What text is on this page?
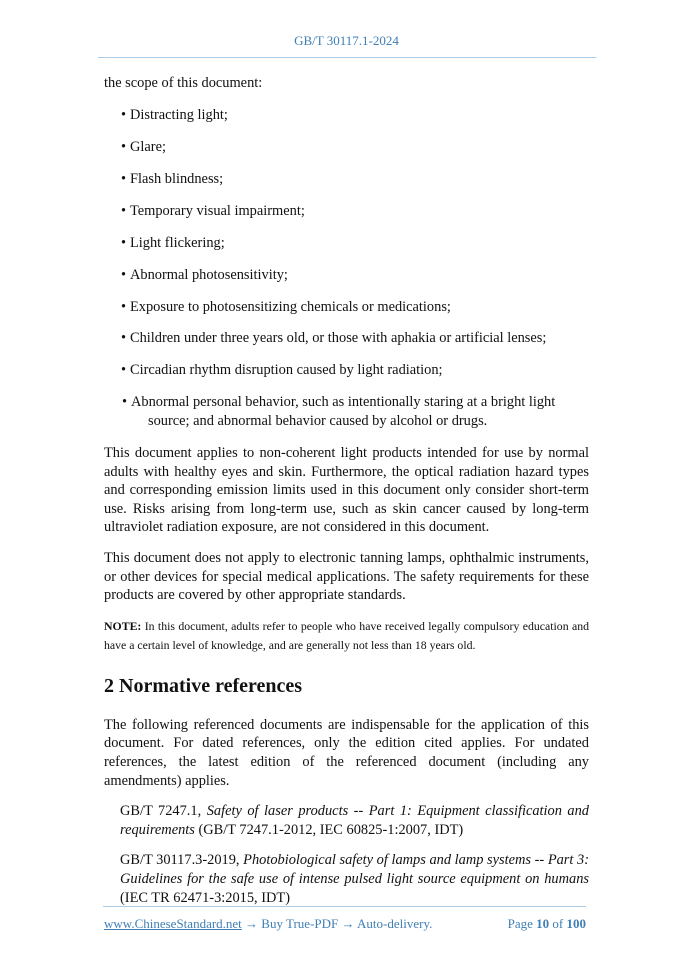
GB/T 30117.1-2024

the scope of this document:

• Distracting light;
• Glare;
• Flash blindness;
• Temporary visual impairment;
• Light flickering;
• Abnormal photosensitivity;
• Exposure to photosensitizing chemicals or medications;
• Children under three years old, or those with aphakia or artificial lenses;
• Circadian rhythm disruption caused by light radiation;
• Abnormal personal behavior, such as intentionally staring at a bright light source; and abnormal behavior caused by alcohol or drugs.

This document applies to non-coherent light products intended for use by normal adults with healthy eyes and skin. Furthermore, the optical radiation hazard types and corresponding emission limits used in this document only consider short-term use. Risks arising from long-term use, such as skin cancer caused by long-term ultraviolet radiation exposure, are not considered in this document.

This document does not apply to electronic tanning lamps, ophthalmic instruments, or other devices for special medical applications. The safety requirements for these products are covered by other appropriate standards.

NOTE: In this document, adults refer to people who have received legally compulsory education and have a certain level of knowledge, and are generally not less than 18 years old.

2 Normative references

The following referenced documents are indispensable for the application of this document. For dated references, only the edition cited applies. For undated references, the latest edition of the referenced document (including any amendments) applies.

GB/T 7247.1, Safety of laser products -- Part 1: Equipment classification and requirements (GB/T 7247.1-2012, IEC 60825-1:2007, IDT)

GB/T 30117.3-2019, Photobiological safety of lamps and lamp systems -- Part 3: Guidelines for the safe use of intense pulsed light source equipment on humans (IEC TR 62471-3:2015, IDT)

www.ChineseStandard.net → Buy True-PDF → Auto-delivery.	Page 10 of 100
